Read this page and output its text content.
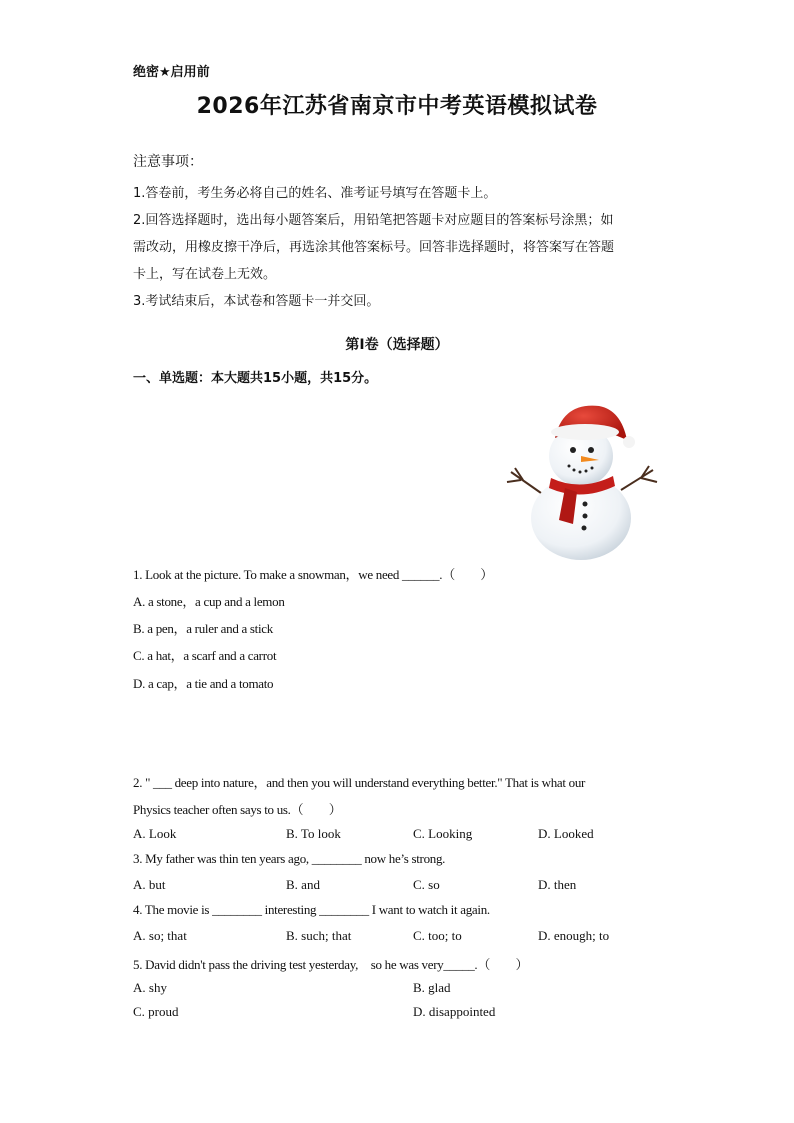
绝密★启用前
2026年江苏省南京市中考英语模拟试卷
注意事项：
1.答卷前，考生务必将自己的姓名、准考证号填写在答题卡上。
2.回答选择题时，选出每小题答案后，用铅笔把答题卡对应题目的答案标号涂黑；如
需改动，用橡皮擦干净后，再选涂其他答案标号。回答非选择题时，将答案写在答题
卡上，写在试卷上无效。
3.考试结束后，本试卷和答题卡一并交回。
第I卷（选择题）
一、单选题：本大题共15小题，共15分。
1. Look at the picture. To make a snowman，we need ______.（　　）
A. a stone，a cup and a lemon
B. a pen，a ruler and a stick
C. a hat，a scarf and a carrot
D. a cap，a tie and a tomato
2. " ___ deep into nature，and then you will understand everything better." That is what our
Physics teacher often says to us.（　　）
A. Look	B. To look	C. Looking	D. Looked
3. My father was thin ten years ago, ________ now he’s strong.
A. but	B. and	C. so	D. then
4. The movie is ________ interesting ________ I want to watch it again.
A. so; that	B. such; that	C. too; to	D. enough; to
5. David didn't pass the driving test yesterday,　so he was very_____.（　　）
A. shy	B. glad
C. proud	D. disappointed
